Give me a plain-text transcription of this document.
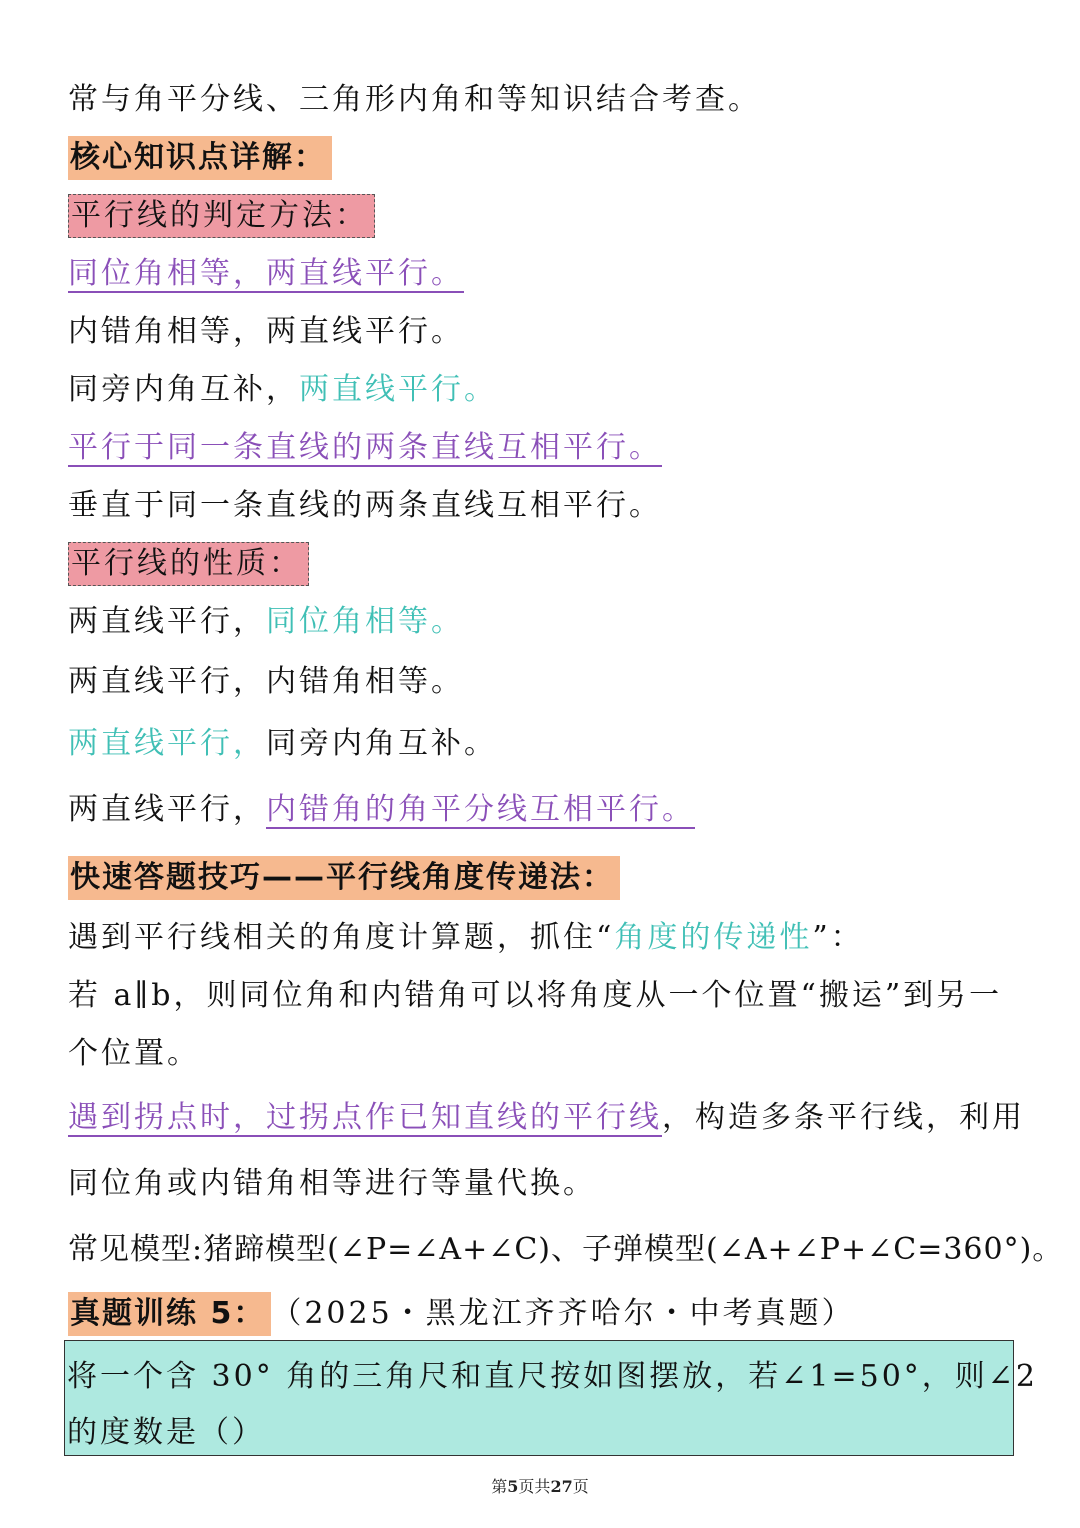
常与角平分线、三角形内角和等知识结合考查。
核心知识点详解：
平行线的判定方法：
同位角相等，两直线平行。
内错角相等，两直线平行。
同旁内角互补，两直线平行。
平行于同一条直线的两条直线互相平行。
垂直于同一条直线的两条直线互相平行。
平行线的性质：
两直线平行，同位角相等。
两直线平行，内错角相等。
两直线平行，同旁内角互补。
两直线平行，内错角的角平分线互相平行。
快速答题技巧——平行线角度传递法：
遇到平行线相关的角度计算题，抓住“角度的传递性”：
若 a∥b，则同位角和内错角可以将角度从一个位置“搬运”到另一
个位置。
遇到拐点时，过拐点作已知直线的平行线，构造多条平行线，利用
同位角或内错角相等进行等量代换。
常见模型:猪蹄模型(∠P=∠A+∠C)、子弹模型(∠A+∠P+∠C=360°)。
真题训练 5： （2025・黑龙江齐齐哈尔・中考真题）
将一个含 30° 角的三角尺和直尺按如图摆放，若∠1=50°，则∠2
的度数是（）
第5页共27页
